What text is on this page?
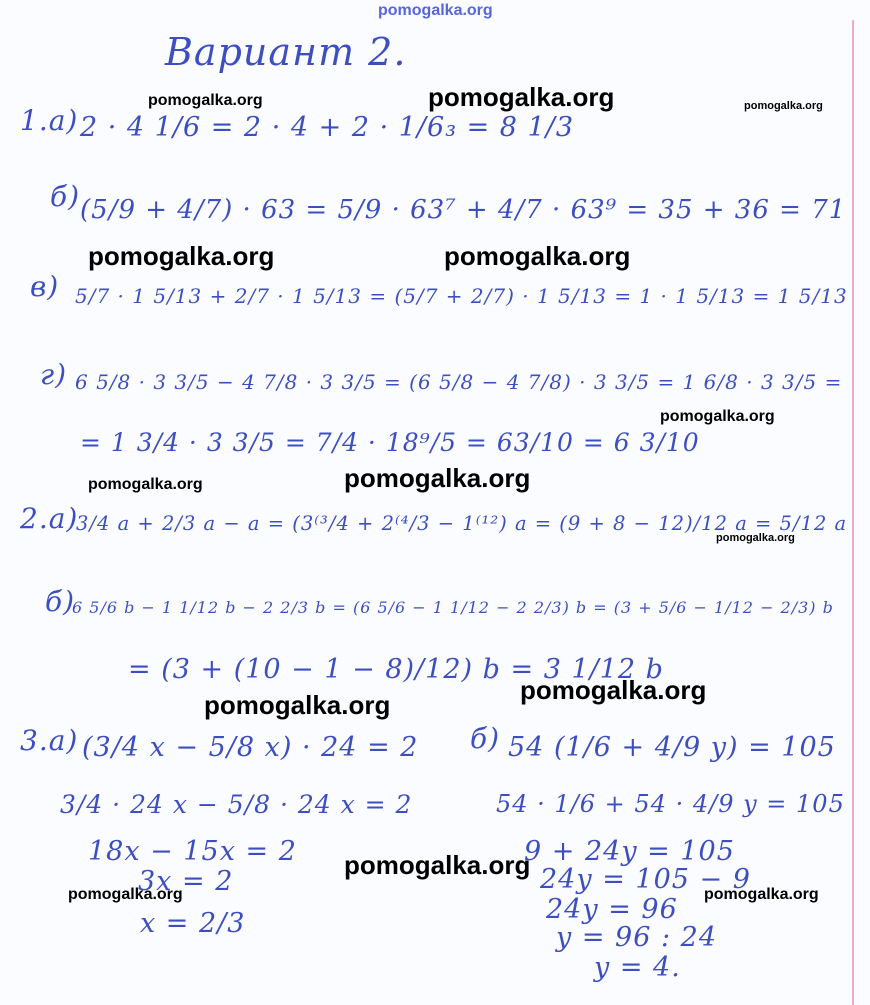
pomogalka.org
pomogalka.org	pomogalka.org	pomogalka.org
pomogalka.org	pomogalka.org
pomogalka.org
pomogalka.org
pomogalka.org
pomogalka.org
pomogalka.org
pomogalka.org
pomogalka.org
pomogalka.org	pomogalka.org
Вариант 2.
1.а) 2 · 4 1/6 = 2 · 4 + 2 · 1/6₃ = 8 1/3
б) (5/9 + 4/7) · 63 = 5/9 · 63⁷ + 4/7 · 63⁹ = 35 + 36 = 71
в) 5/7 · 1 5/13 + 2/7 · 1 5/13 = (5/7 + 2/7) · 1 5/13 = 1 · 1 5/13 = 1 5/13
г) 6 5/8 · 3 3/5 − 4 7/8 · 3 3/5 = (6 5/8 − 4 7/8) · 3 3/5 = 1 6/8 · 3 3/5 =
= 1 3/4 · 3 3/5 = 7/4 · 18⁹/5 = 63/10 = 6 3/10
2.а)
3/4 a + 2/3 a − a = (3⁽³/4 + 2⁽⁴/3 − 1⁽¹²) a = (9 + 8 − 12)/12 a = 5/12 a
б)
6 5/6 b − 1 1/12 b − 2 2/3 b = (6 5/6 − 1 1/12 − 2 2/3) b = (3 + 5/6 − 1/12 − 2/3) b
= (3 + (10 − 1 − 8)/12) b = 3 1/12 b
3.а) (3/4 x − 5/8 x) · 24 = 2
3/4 · 24 x − 5/8 · 24 x = 2
18x − 15x = 2
3x = 2
x = 2/3
б) 54 (1/6 + 4/9 y) = 105
54 · 1/6 + 54 · 4/9 y = 105
9 + 24y = 105
24y = 105 − 9
24y = 96
y = 96 : 24
y = 4.
